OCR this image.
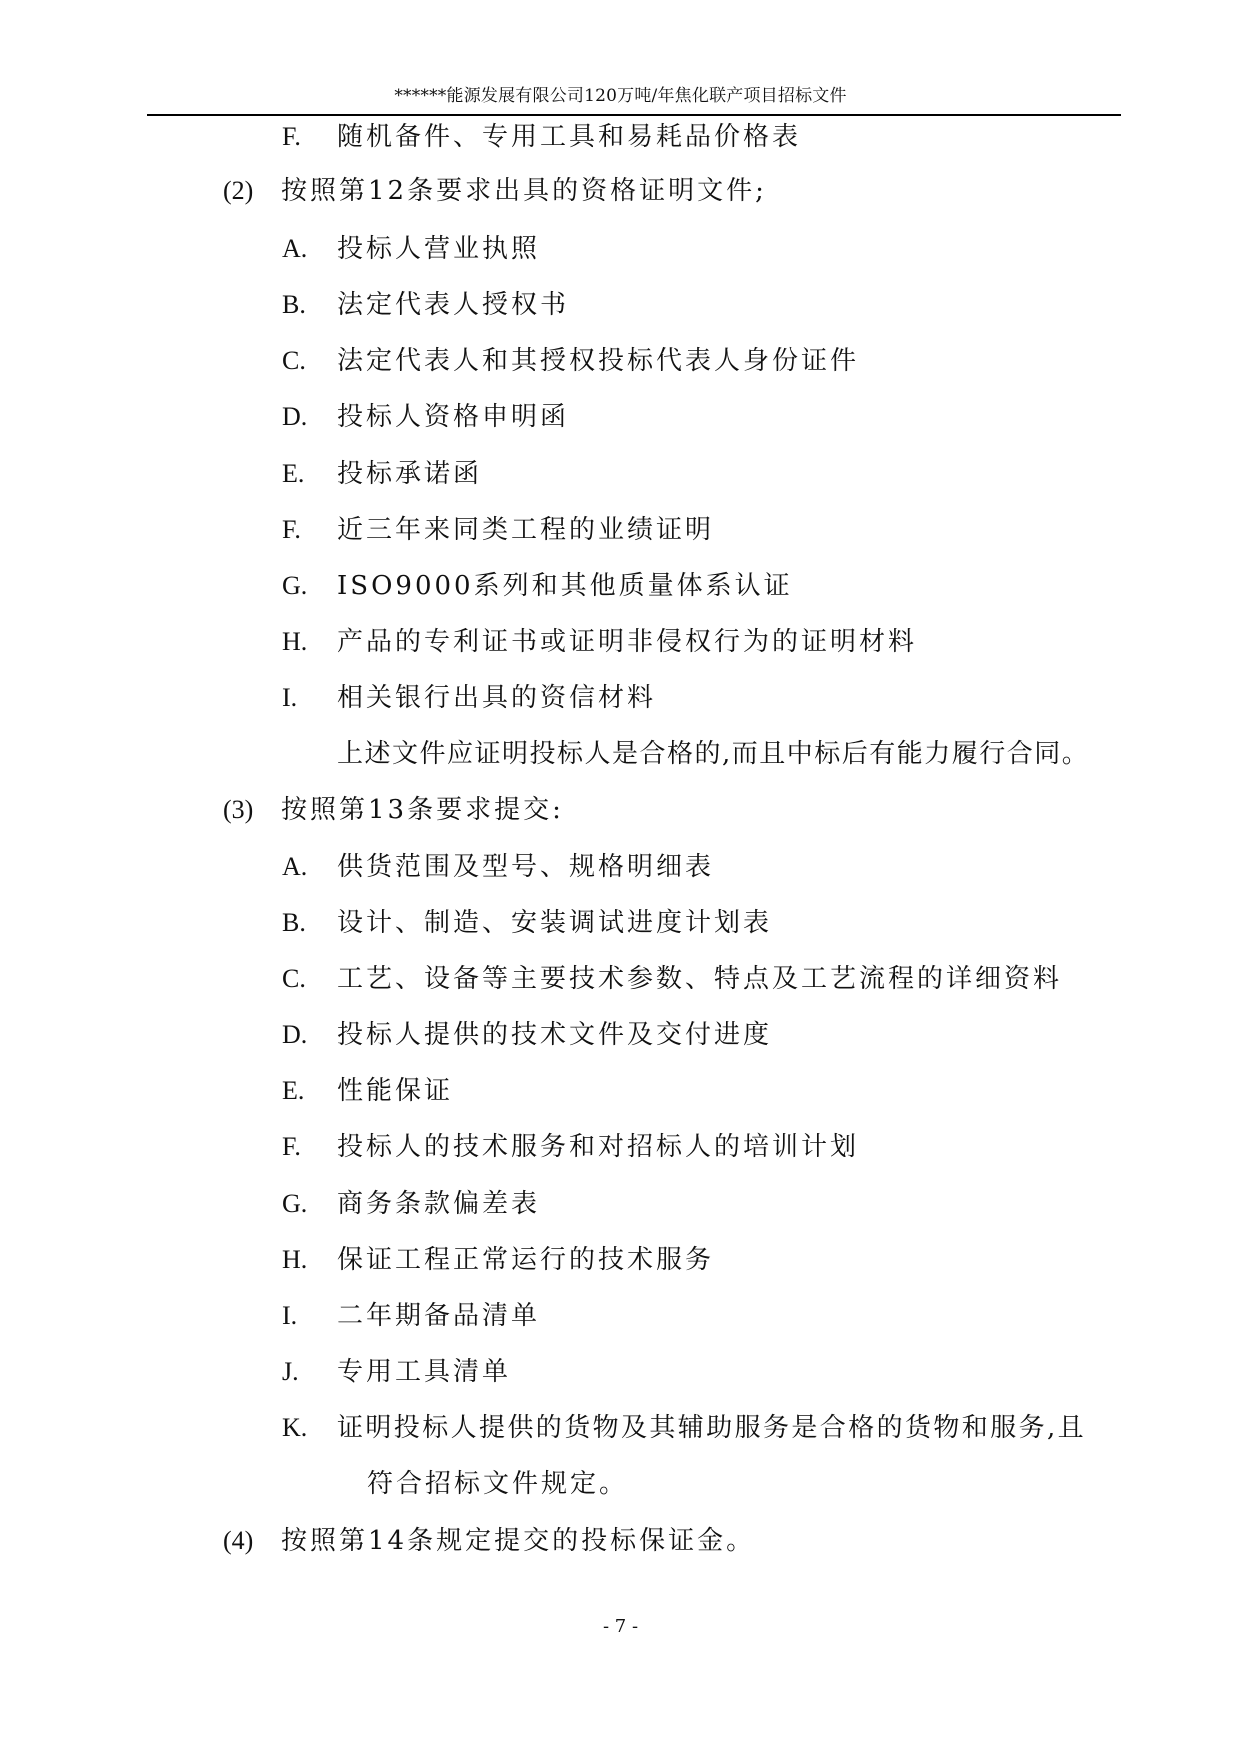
******能源发展有限公司120万吨/年焦化联产项目招标文件
F. 随机备件、专用工具和易耗品价格表
(2) 按照第12条要求出具的资格证明文件;
A. 投标人营业执照
B. 法定代表人授权书
C. 法定代表人和其授权投标代表人身份证件
D. 投标人资格申明函
E. 投标承诺函
F. 近三年来同类工程的业绩证明
G. ISO9000系列和其他质量体系认证
H. 产品的专利证书或证明非侵权行为的证明材料
I. 相关银行出具的资信材料
上述文件应证明投标人是合格的,而且中标后有能力履行合同。
(3) 按照第13条要求提交:
A. 供货范围及型号、规格明细表
B. 设计、制造、安装调试进度计划表
C. 工艺、设备等主要技术参数、特点及工艺流程的详细资料
D. 投标人提供的技术文件及交付进度
E. 性能保证
F. 投标人的技术服务和对招标人的培训计划
G. 商务条款偏差表
H. 保证工程正常运行的技术服务
I. 二年期备品清单
J. 专用工具清单
K. 证明投标人提供的货物及其辅助服务是合格的货物和服务,且
符合招标文件规定。
(4) 按照第14条规定提交的投标保证金。
- 7 -
